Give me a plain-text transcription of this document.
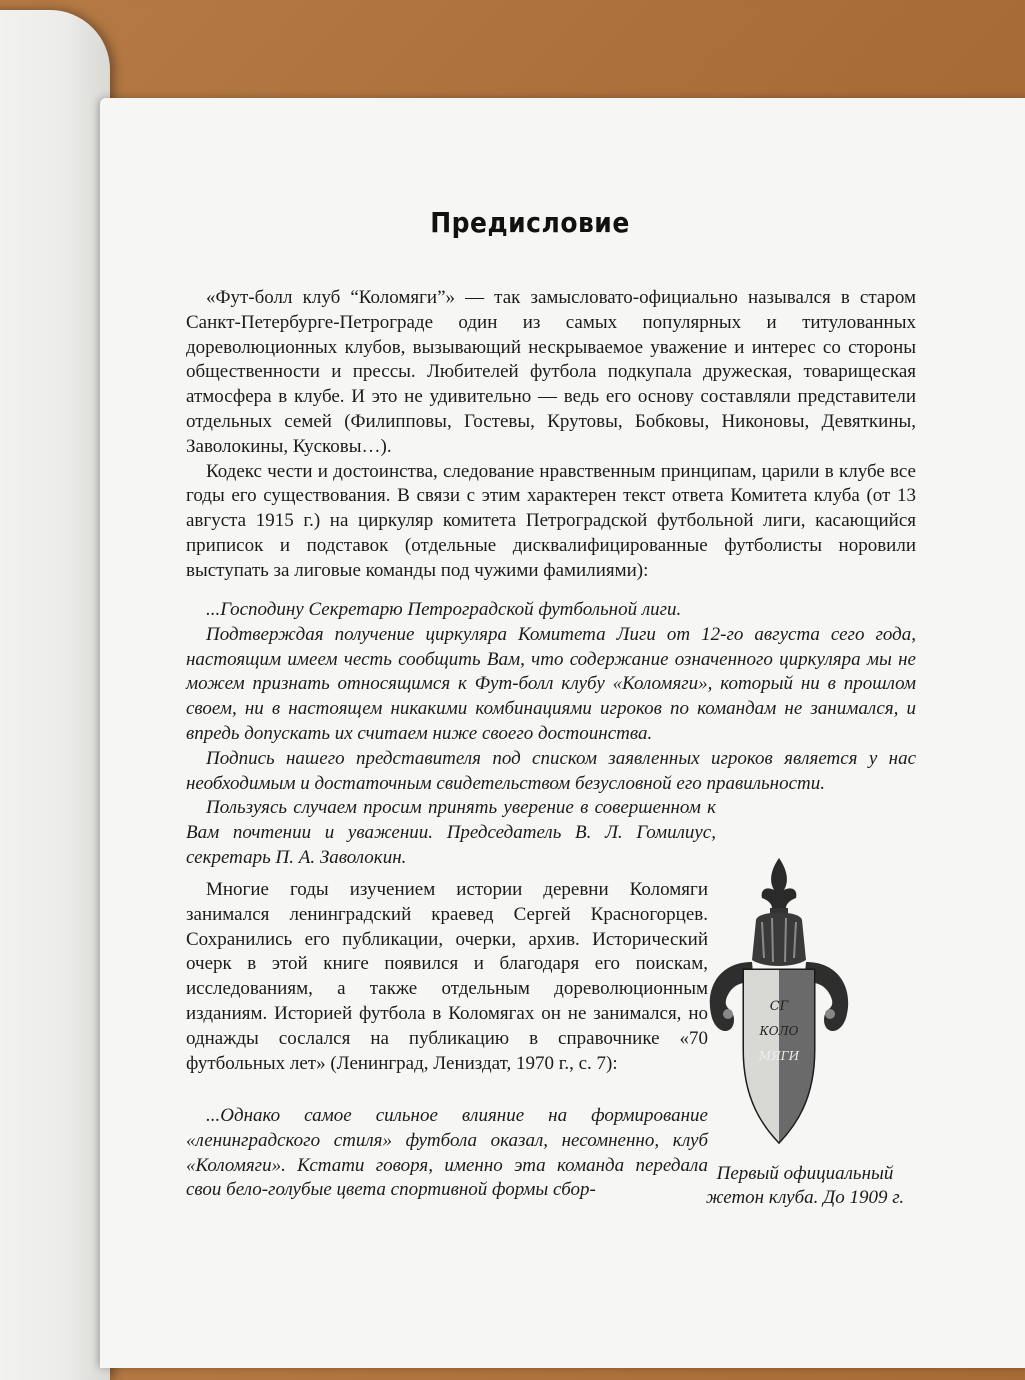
Предисловие

«Фут-болл клуб “Коломяги”» — так замысловато-официально назывался в старом Санкт-Петербурге-Петрограде один из самых популярных и титулованных дореволюционных клубов, вызывающий нескрываемое уважение и интерес со стороны общественности и прессы. Любителей футбола подкупала дружеская, товарищеская атмосфера в клубе. И это не удивительно — ведь его основу составляли представители отдельных семей (Филипповы, Гостевы, Крутовы, Бобковы, Никоновы, Девяткины, Заволокины, Кусковы…).

Кодекс чести и достоинства, следование нравственным принципам, царили в клубе все годы его существования. В связи с этим характерен текст ответа Комитета клуба (от 13 августа 1915 г.) на циркуляр комитета Петроградской футбольной лиги, касающийся приписок и подставок (отдельные дисквалифицированные футболисты норовили выступать за лиговые команды под чужими фамилиями):

...Господину Секретарю Петроградской футбольной лиги.

Подтверждая получение циркуляра Комитета Лиги от 12-го августа сего года, настоящим имеем честь сообщить Вам, что содержание означенного циркуляра мы не можем признать относящимся к Фут-болл клубу «Коломяги», который ни в прошлом своем, ни в настоящем никакими комбинациями игроков по командам не занимался, и впредь допускать их считаем ниже своего достоинства.

Подпись нашего представителя под списком заявленных игроков является у нас необходимым и достаточным свидетельством безусловной его правильности.

Пользуясь случаем просим принять уверение в совершенном к Вам почтении и уважении. Председатель В. Л. Гомилиус, секретарь П. А. Заволокин.

Многие годы изучением истории деревни Коломяги занимался ленинградский краевед Сергей Красногорцев. Сохранились его публикации, очерки, архив. Исторический очерк в этой книге появился и благодаря его поискам, исследованиям, а также отдельным дореволюционным изданиям. Историей футбола в Коломягах он не занимался, но однажды сослался на публикацию в справочнике «70 футбольных лет» (Ленинград, Лениздат, 1970 г., с. 7):

...Однако самое сильное влияние на формирование «ленинградского стиля» футбола оказал, несомненно, клуб «Коломяги». Кстати говоря, именно эта команда передала свои бело-голубые цвета спортивной формы сбор-

СГ
КОЛО
МЯГИ
Первый официальный
жетон клуба. До 1909 г.
